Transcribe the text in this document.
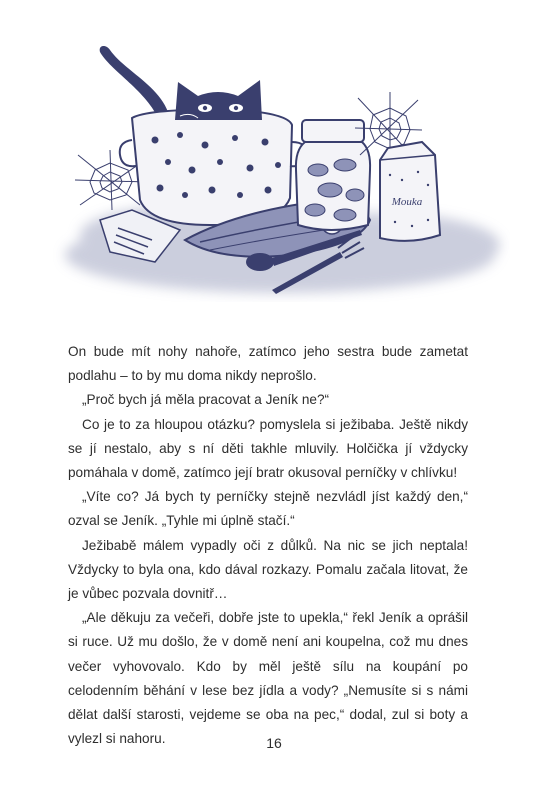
Mouka

On bude mít nohy nahoře, zatímco jeho sestra bude zametat podlahu – to by mu doma nikdy neprošlo.

„Proč bych já měla pracovat a Jeník ne?“

Co je to za hloupou otázku? pomyslela si ježibaba. Ještě nikdy se jí nestalo, aby s ní děti takhle mluvily. Holčička jí vždycky pomáhala v domě, zatímco její bratr okusoval perníčky v chlívku!

„Víte co? Já bych ty perníčky stejně nezvládl jíst každý den,“ ozval se Jeník. „Tyhle mi úplně stačí.“

Ježibabě málem vypadly oči z důlků. Na nic se jich neptala! Vždycky to byla ona, kdo dával rozkazy. Pomalu začala litovat, že je vůbec pozvala dovnitř…

„Ale děkuju za večeři, dobře jste to upekla,“ řekl Jeník a oprášil si ruce. Už mu došlo, že v domě není ani koupelna, což mu dnes večer vyhovovalo. Kdo by měl ještě sílu na koupání po celodenním běhání v lese bez jídla a vody? „Nemusíte si s námi dělat další starosti, vejdeme se oba na pec,“ dodal, zul si boty a vylezl si nahoru.	16
